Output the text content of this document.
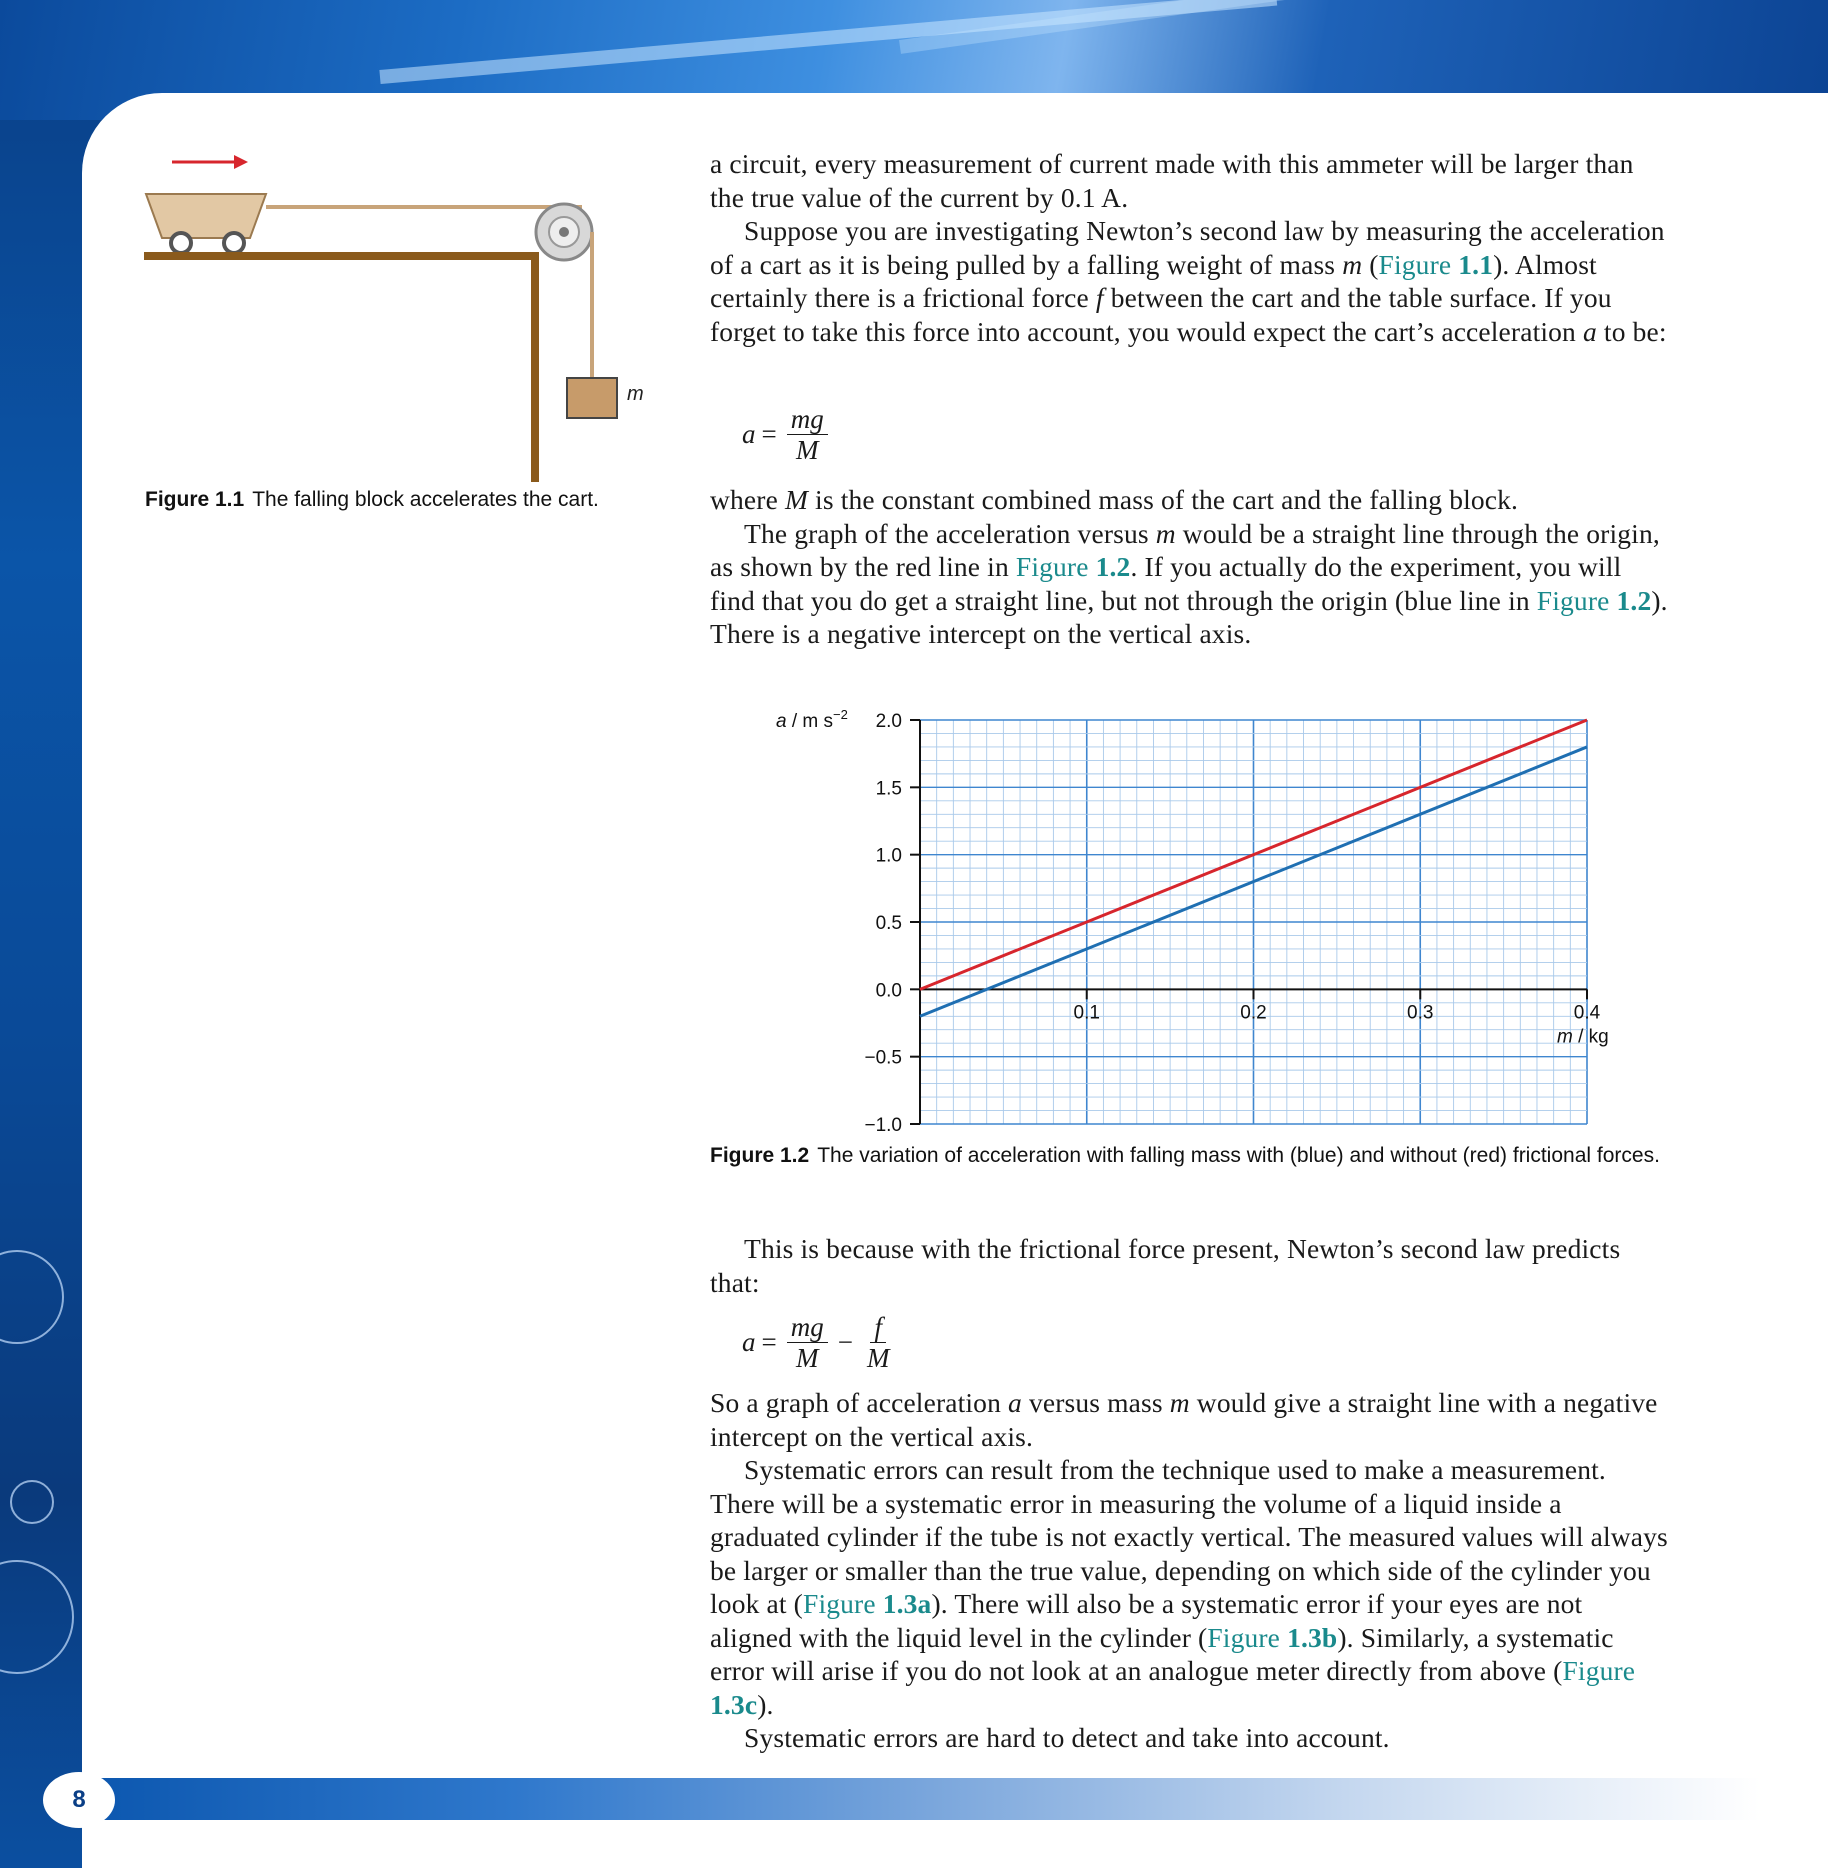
m
Figure 1.1 The falling block accelerates the cart.

a circuit, every measurement of current made with this ammeter will be larger than the true value of the current by 0.1 A.

Suppose you are investigating Newton’s second law by measuring the acceleration of a cart as it is being pulled by a falling weight of mass m (Figure 1.1). Almost certainly there is a frictional force f between the cart and the table surface. If you forget to take this force into account, you would expect the cart’s acceleration a to be:

$a = \frac{mg}{M}$

where M is the constant combined mass of the cart and the falling block.

The graph of the acceleration versus m would be a straight line through the origin, as shown by the red line in Figure 1.2. If you actually do the experiment, you will find that you do get a straight line, but not through the origin (blue line in Figure 1.2). There is a negative intercept on the vertical axis.

2.0
1.5
1.0
0.5
0.0
−0.5
−1.0
0.1	0.2	0.3	0.4
a / m $s^{-2}$
m / kg
Figure 1.2 The variation of acceleration with falling mass with (blue) and without (red) frictional forces.

This is because with the frictional force present, Newton’s second law predicts that:

$a = \frac{mg}{M} - \frac{f}{M}$

So a graph of acceleration a versus mass m would give a straight line with a negative intercept on the vertical axis.

Systematic errors can result from the technique used to make a measurement. There will be a systematic error in measuring the volume of a liquid inside a graduated cylinder if the tube is not exactly vertical. The measured values will always be larger or smaller than the true value, depending on which side of the cylinder you look at (Figure 1.3a). There will also be a systematic error if your eyes are not aligned with the liquid level in the cylinder (Figure 1.3b). Similarly, a systematic error will arise if you do not look at an analogue meter directly from above (Figure 1.3c).

Systematic errors are hard to detect and take into account.

8
